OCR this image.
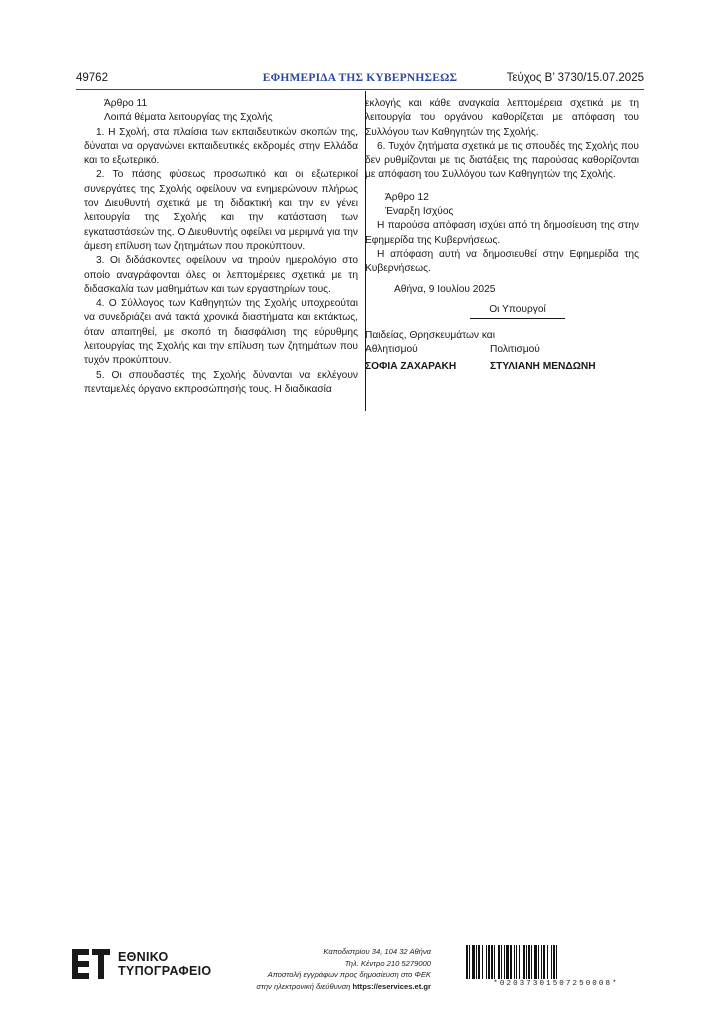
49762	ΕΦΗΜΕΡΙΔΑ ΤΗΣ ΚΥΒΕΡΝΗΣΕΩΣ	Τεύχος Β’ 3730/15.07.2025

Άρθρο 11

Λοιπά θέματα λειτουργίας της Σχολής

1. Η Σχολή, στα πλαίσια των εκπαιδευτικών σκοπών της, δύναται να οργανώνει εκπαιδευτικές εκδρομές στην Ελλάδα και το εξωτερικό.

2. Το πάσης φύσεως προσωπικό και οι εξωτερικοί συνεργάτες της Σχολής οφείλουν να ενημερώνουν πλήρως τον Διευθυντή σχετικά με τη διδακτική και την εν γένει λειτουργία της Σχολής και την κατάσταση των εγκαταστάσεών της. Ο Διευθυντής οφείλει να μεριμνά για την άμεση επίλυση των ζητημάτων που προκύπτουν.

3. Οι διδάσκοντες οφείλουν να τηρούν ημερολόγιο στο οποίο αναγράφονται όλες οι λεπτομέρειες σχετικά με τη διδασκαλία των μαθημάτων και των εργαστηρίων τους.

4. Ο Σύλλογος των Καθηγητών της Σχολής υποχρεούται να συνεδριάζει ανά τακτά χρονικά διαστήματα και εκτάκτως, όταν απαιτηθεί, με σκοπό τη διασφάλιση της εύρυθμης λειτουργίας της Σχολής και την επίλυση των ζητημάτων που τυχόν προκύπτουν.

5. Οι σπουδαστές της Σχολής δύνανται να εκλέγουν πενταμελές όργανο εκπροσώπησής τους. Η διαδικασία

εκλογής και κάθε αναγκαία λεπτομέρεια σχετικά με τη λειτουργία του οργάνου καθορίζεται με απόφαση του Συλλόγου των Καθηγητών της Σχολής.

6. Τυχόν ζητήματα σχετικά με τις σπουδές της Σχολής που δεν ρυθμίζονται με τις διατάξεις της παρούσας καθορίζονται με απόφαση του Συλλόγου των Καθηγητών της Σχολής.

Άρθρο 12

Έναρξη Ισχύος

Η παρούσα απόφαση ισχύει από τη δημοσίευση της στην Εφημερίδα της Κυβερνήσεως.

Η απόφαση αυτή να δημοσιευθεί στην Εφημερίδα της Κυβερνήσεως.

Αθήνα, 9 Ιουλίου 2025

Οι Υπουργοί
Παιδείας, Θρησκευμάτων και Αθλητισμού	Πολιτισμού
ΣΟΦΙΑ ΖΑΧΑΡΑΚΗ	ΣΤΥΛΙΑΝΗ ΜΕΝΔΩΝΗ
ΕΘΝΙΚΟ
ΤΥΠΟΓΡΑΦΕΙΟ
Καποδιστρίου 34, 104 32 Αθήνα
Τηλ. Κέντρο 210 5279000
Αποστολή εγγράφων προς δημοσίευση στο ΦΕΚ
στην ηλεκτρονική διεύθυνση https://eservices.et.gr	*02037301507250008*
